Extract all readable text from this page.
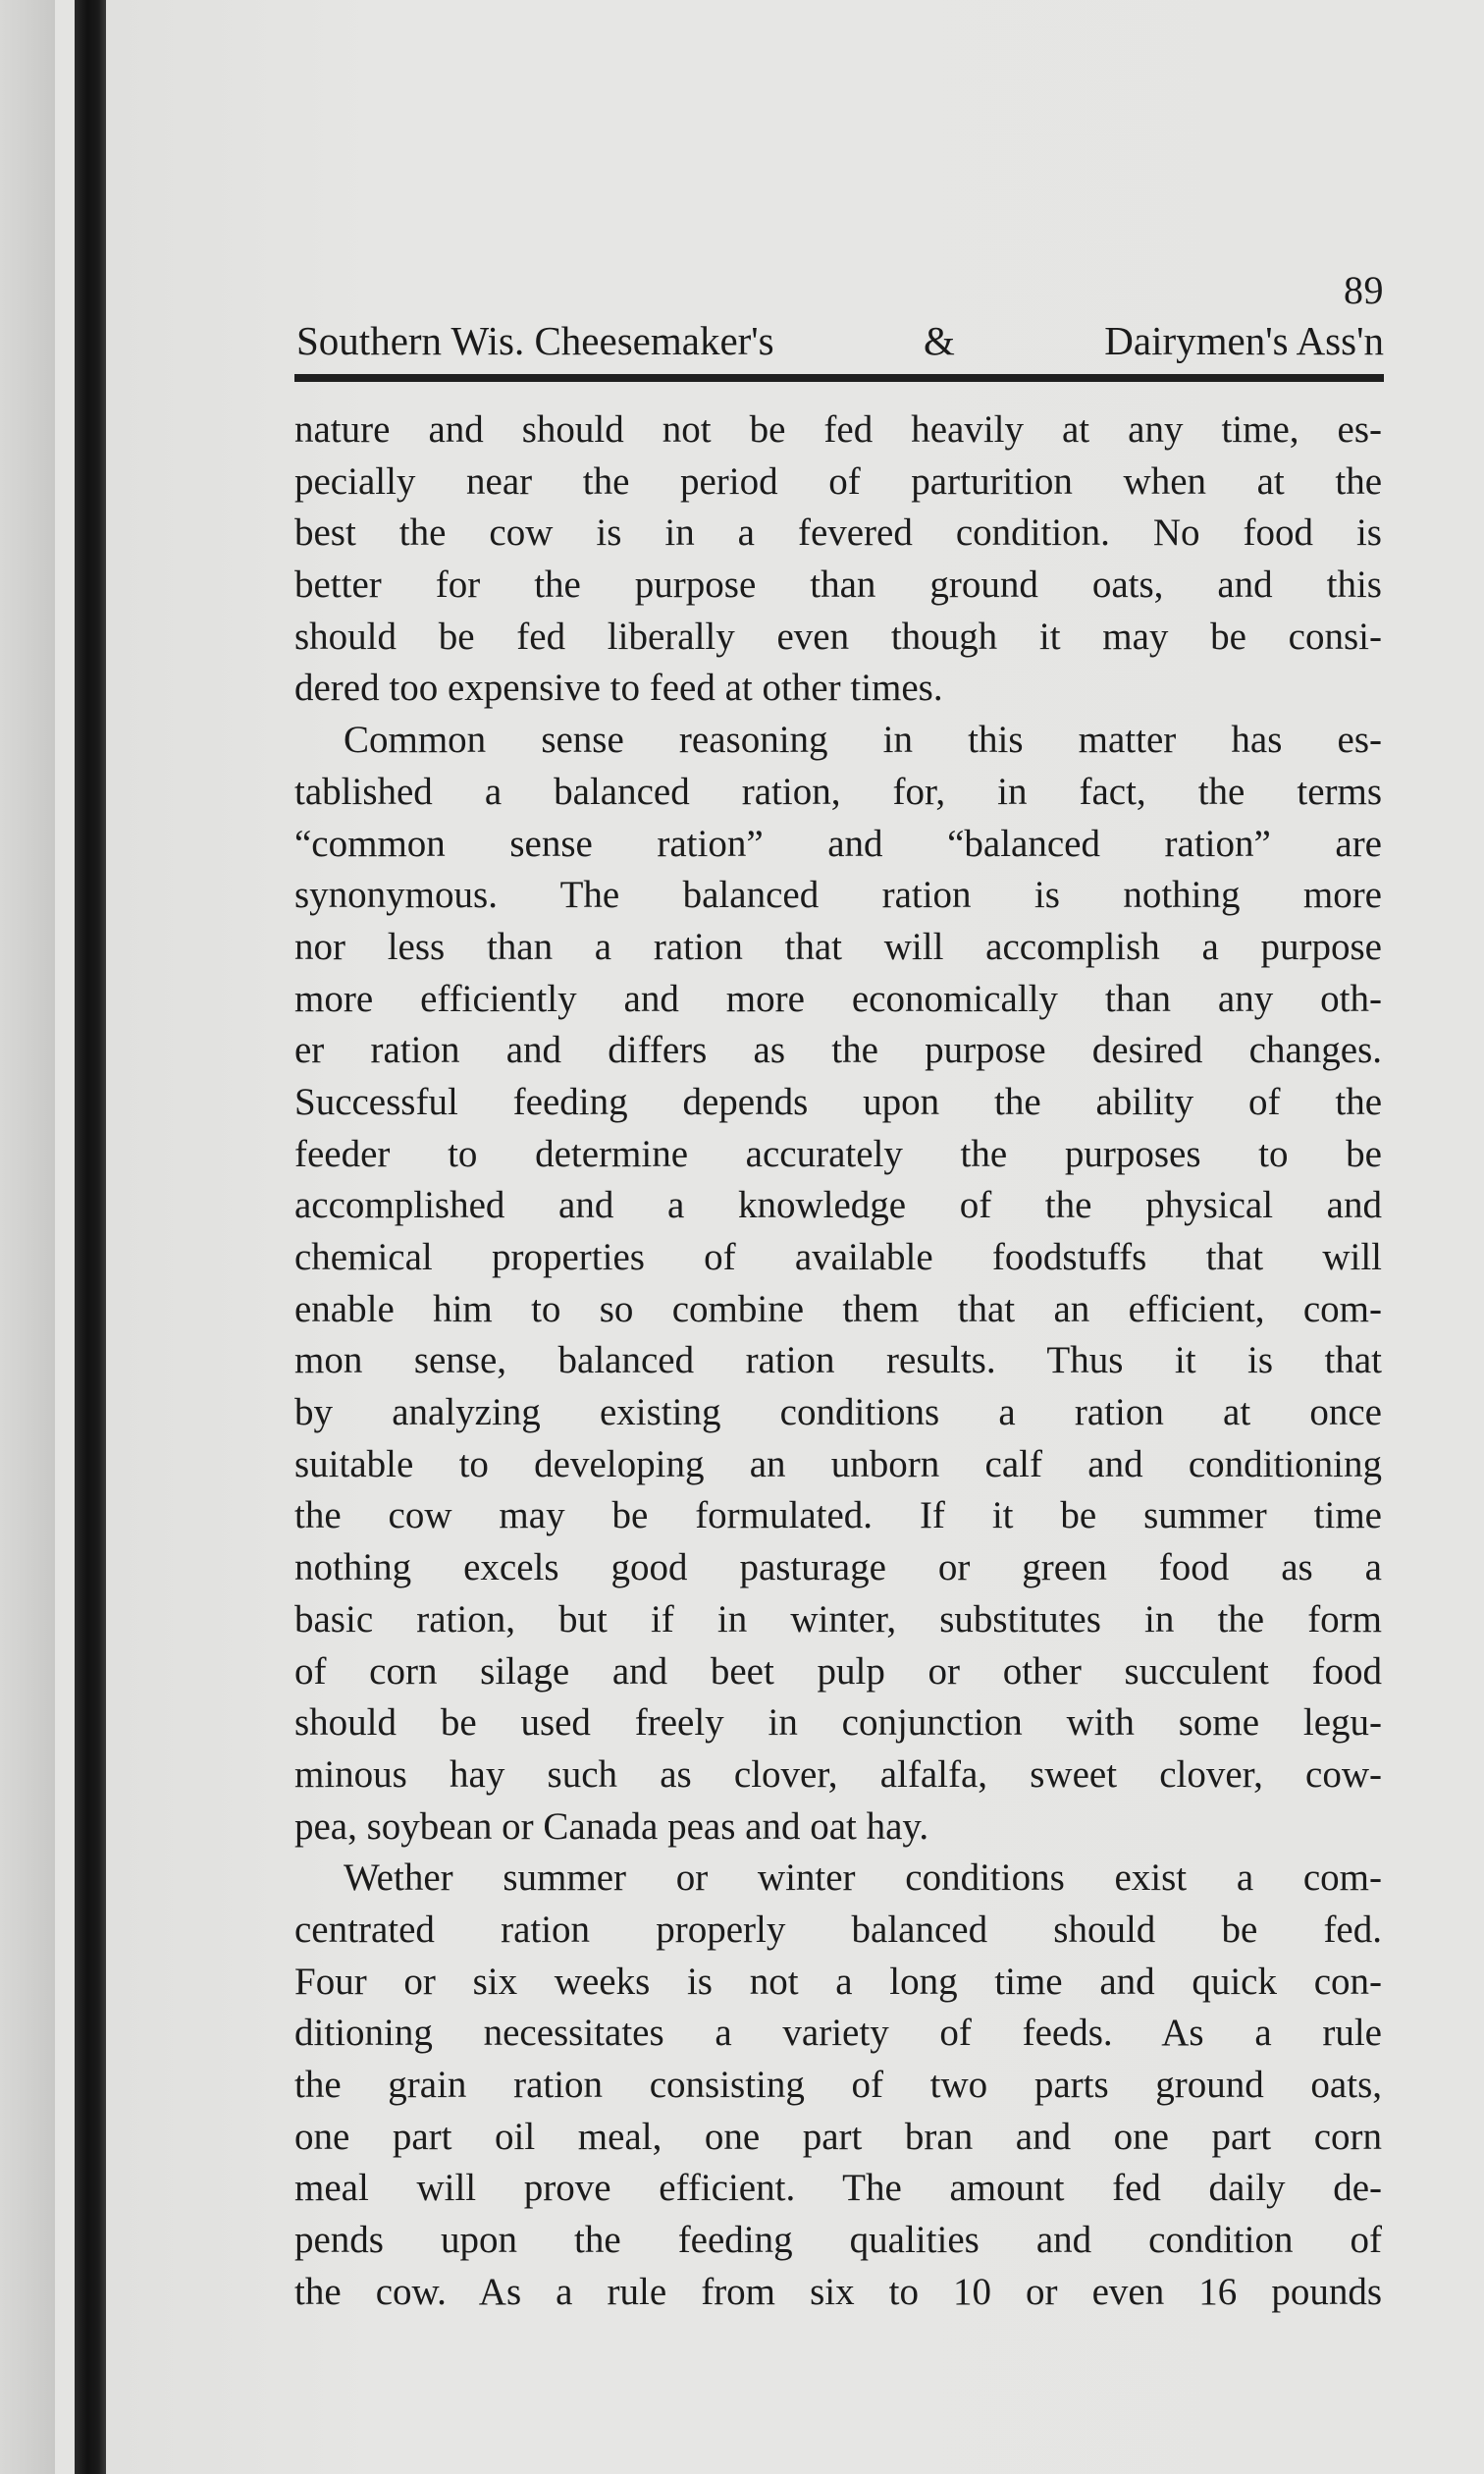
89
Southern Wis. Cheesemaker's	&	Dairymen's Ass'n
nature and should not be fed heavily at any time, es-
pecially near the period of parturition when at the
best the cow is in a fevered condition. No food is
better for the purpose than ground oats, and this
should be fed liberally even though it may be consi-
dered too expensive to feed at other times.
Common sense reasoning in this matter has es-
tablished a balanced ration, for, in fact, the terms
“common sense ration” and “balanced ration” are
synonymous. The balanced ration is nothing more
nor less than a ration that will accomplish a purpose
more efficiently and more economically than any oth-
er ration and differs as the purpose desired changes.
Successful feeding depends upon the ability of the
feeder to determine accurately the purposes to be
accomplished and a knowledge of the physical and
chemical properties of available foodstuffs that will
enable him to so combine them that an efficient, com-
mon sense, balanced ration results. Thus it is that
by analyzing existing conditions a ration at once
suitable to developing an unborn calf and conditioning
the cow may be formulated. If it be summer time
nothing excels good pasturage or green food as a
basic ration, but if in winter, substitutes in the form
of corn silage and beet pulp or other succulent food
should be used freely in conjunction with some legu-
minous hay such as clover, alfalfa, sweet clover, cow-
pea, soybean or Canada peas and oat hay.
Wether summer or winter conditions exist a com-
centrated ration properly balanced should be fed.
Four or six weeks is not a long time and quick con-
ditioning necessitates a variety of feeds. As a rule
the grain ration consisting of two parts ground oats,
one part oil meal, one part bran and one part corn
meal will prove efficient. The amount fed daily de-
pends upon the feeding qualities and condition of
the cow. As a rule from six to 10 or even 16 pounds
